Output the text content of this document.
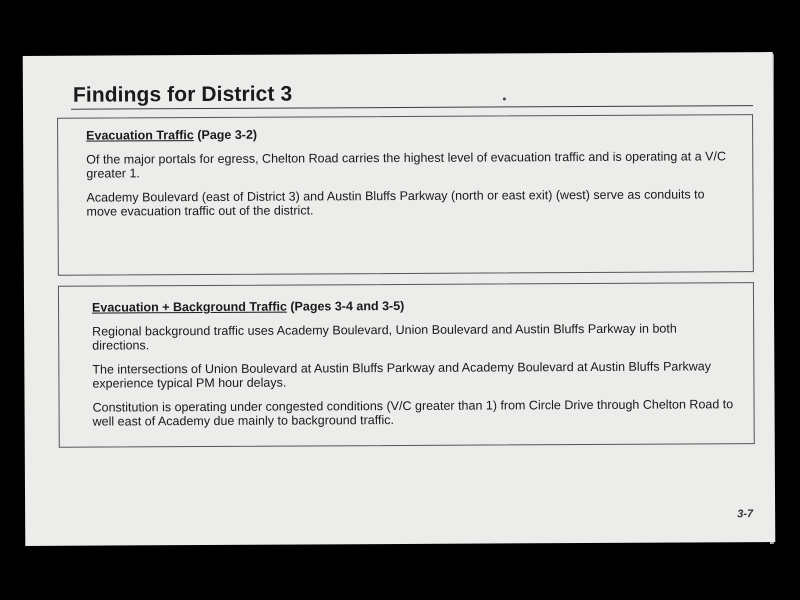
Findings for District 3
Evacuation Traffic (Page 3-2)
Of the major portals for egress, Chelton Road carries the highest level of evacuation traffic and is operating at a V/C greater 1.
Academy Boulevard (east of District 3) and Austin Bluffs Parkway (north or east exit) (west) serve as conduits to move evacuation traffic out of the district.
Evacuation + Background Traffic (Pages 3-4 and 3-5)
Regional background traffic uses Academy Boulevard, Union Boulevard and Austin Bluffs Parkway in both directions.
The intersections of Union Boulevard at Austin Bluffs Parkway and Academy Boulevard at Austin Bluffs Parkway experience typical PM hour delays.
Constitution is operating under congested conditions (V/C greater than 1) from Circle Drive through Chelton Road to well east of Academy due mainly to background traffic.
3-7
